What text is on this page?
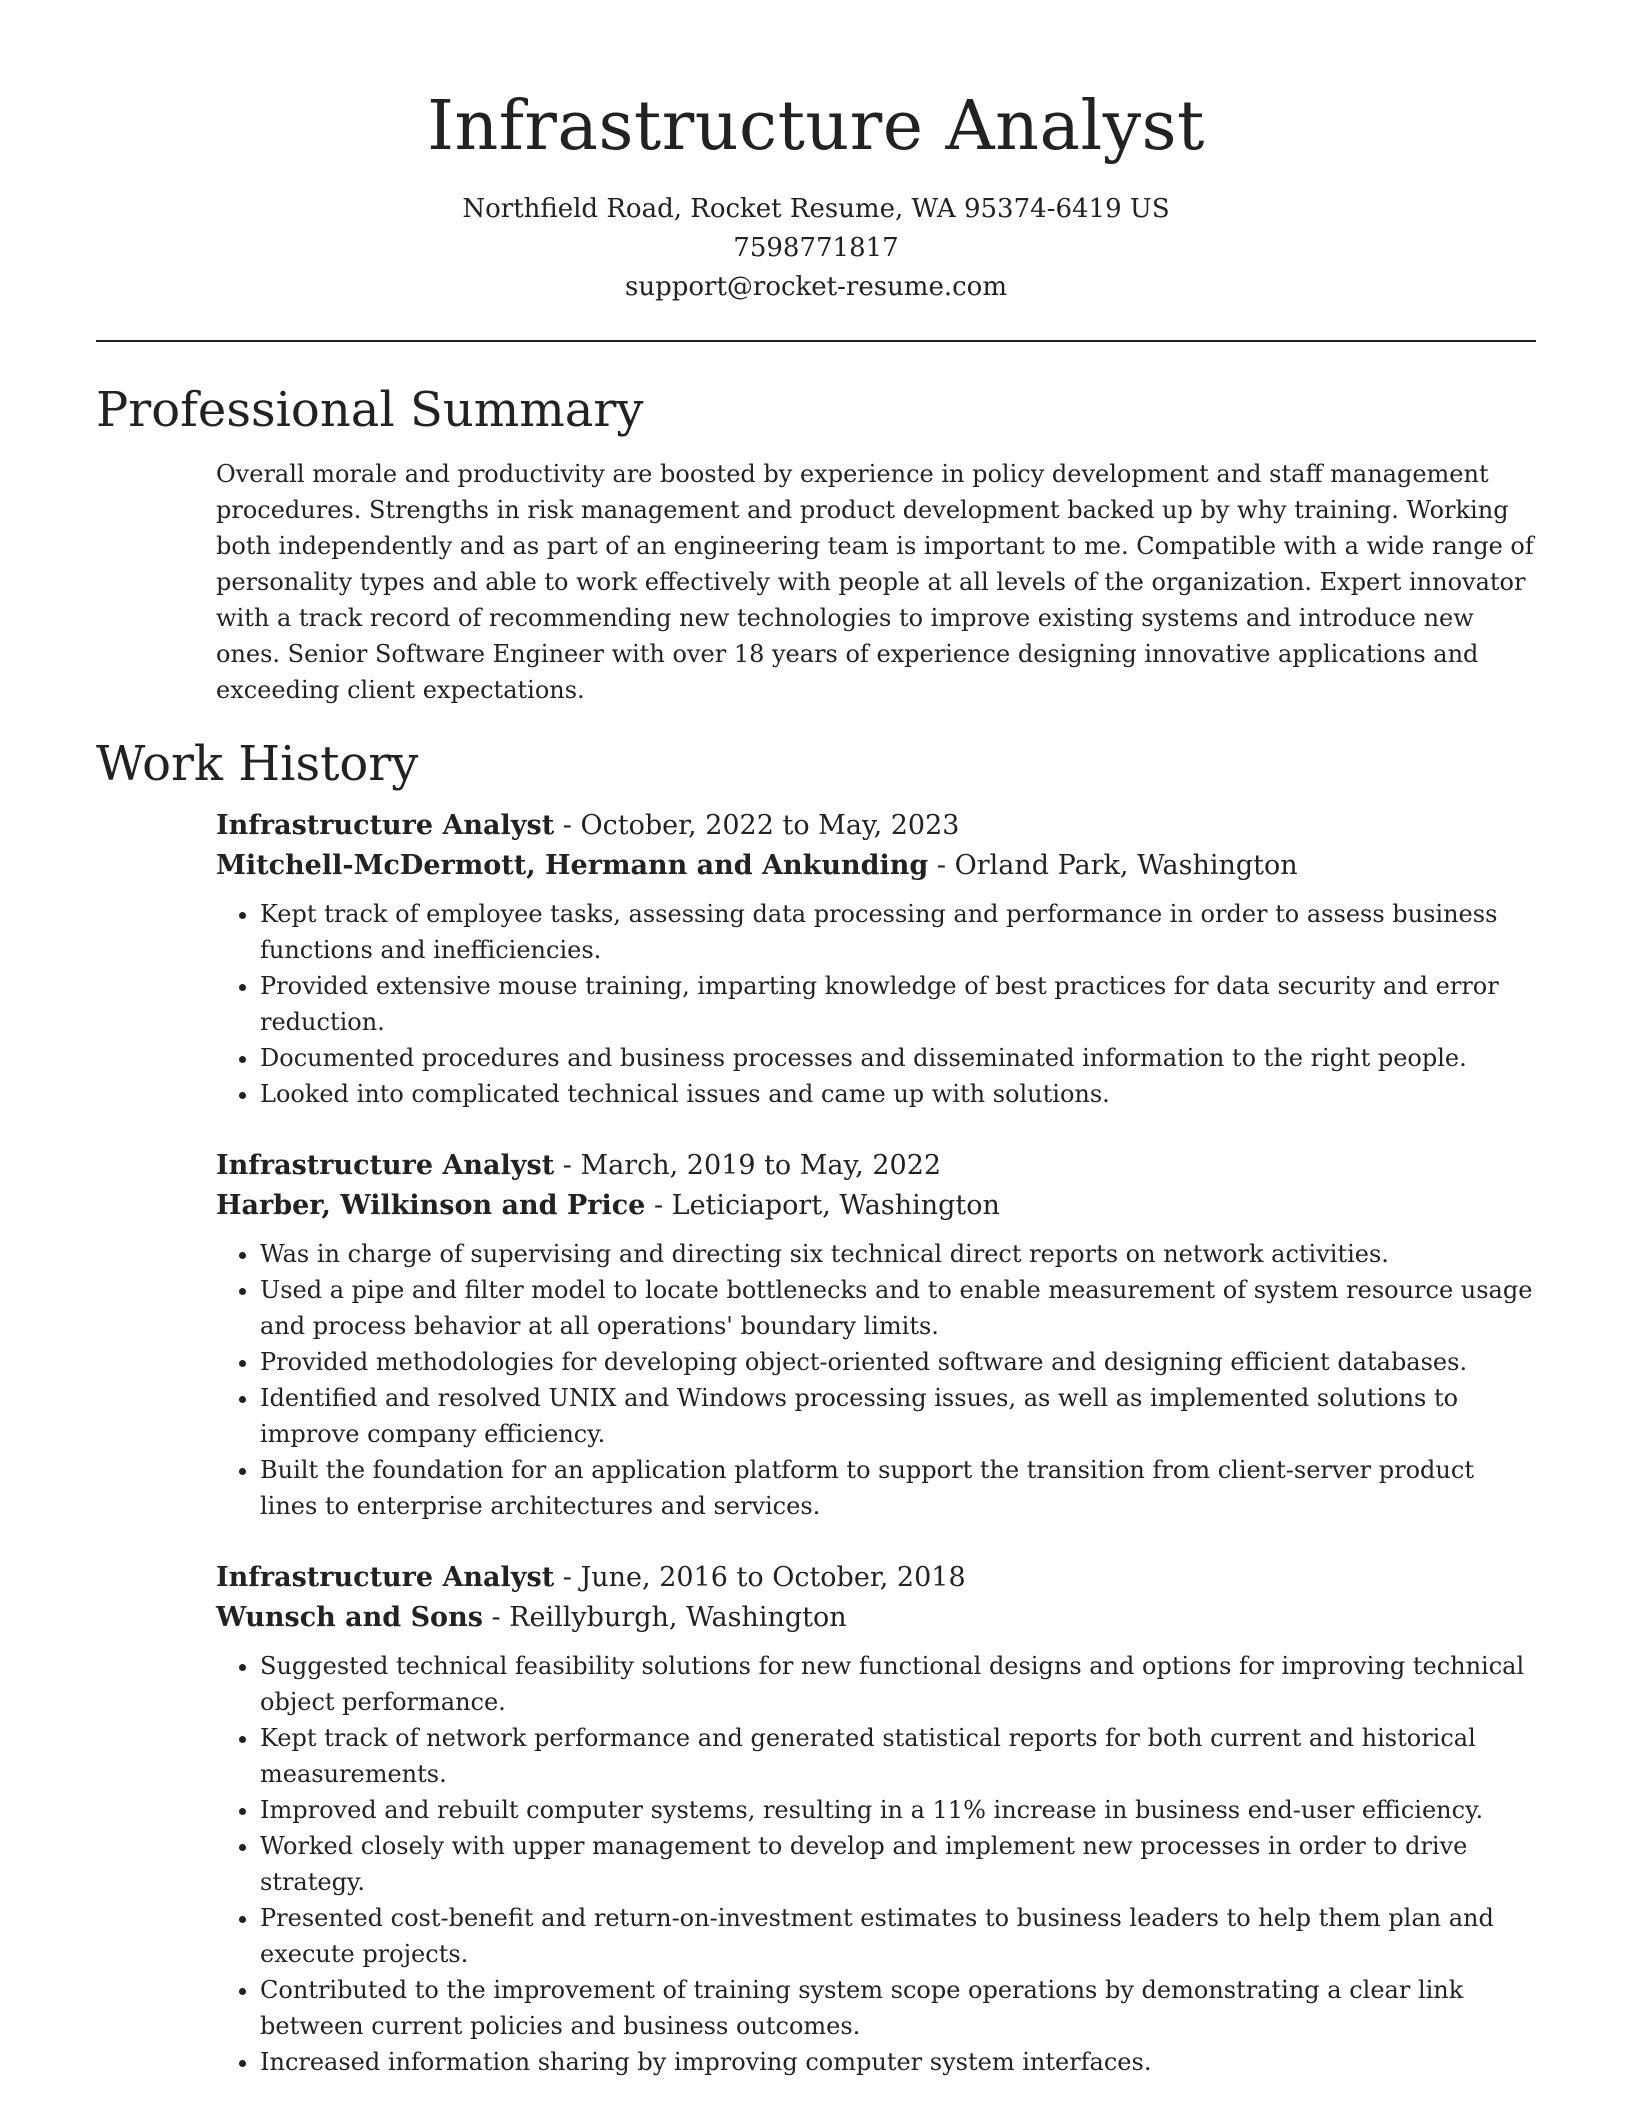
Infrastructure Analyst
Northfield Road, Rocket Resume, WA 95374-6419 US
7598771817
support@rocket-resume.com
Professional Summary
Overall morale and productivity are boosted by experience in policy development and staff management procedures. Strengths in risk management and product development backed up by why training. Working both independently and as part of an engineering team is important to me. Compatible with a wide range of personality types and able to work effectively with people at all levels of the organization. Expert innovator with a track record of recommending new technologies to improve existing systems and introduce new ones. Senior Software Engineer with over 18 years of experience designing innovative applications and exceeding client expectations.
Work History
Infrastructure Analyst - October, 2022 to May, 2023
Mitchell-McDermott, Hermann and Ankunding - Orland Park, Washington
• Kept track of employee tasks, assessing data processing and performance in order to assess business functions and inefficiencies.
• Provided extensive mouse training, imparting knowledge of best practices for data security and error reduction.
• Documented procedures and business processes and disseminated information to the right people.
• Looked into complicated technical issues and came up with solutions.
Infrastructure Analyst - March, 2019 to May, 2022
Harber, Wilkinson and Price - Leticiaport, Washington
• Was in charge of supervising and directing six technical direct reports on network activities.
• Used a pipe and filter model to locate bottlenecks and to enable measurement of system resource usage and process behavior at all operations' boundary limits.
• Provided methodologies for developing object-oriented software and designing efficient databases.
• Identified and resolved UNIX and Windows processing issues, as well as implemented solutions to improve company efficiency.
• Built the foundation for an application platform to support the transition from client-server product lines to enterprise architectures and services.
Infrastructure Analyst - June, 2016 to October, 2018
Wunsch and Sons - Reillyburgh, Washington
• Suggested technical feasibility solutions for new functional designs and options for improving technical object performance.
• Kept track of network performance and generated statistical reports for both current and historical measurements.
• Improved and rebuilt computer systems, resulting in a 11% increase in business end-user efficiency.
• Worked closely with upper management to develop and implement new processes in order to drive strategy.
• Presented cost-benefit and return-on-investment estimates to business leaders to help them plan and execute projects.
• Contributed to the improvement of training system scope operations by demonstrating a clear link between current policies and business outcomes.
• Increased information sharing by improving computer system interfaces.
